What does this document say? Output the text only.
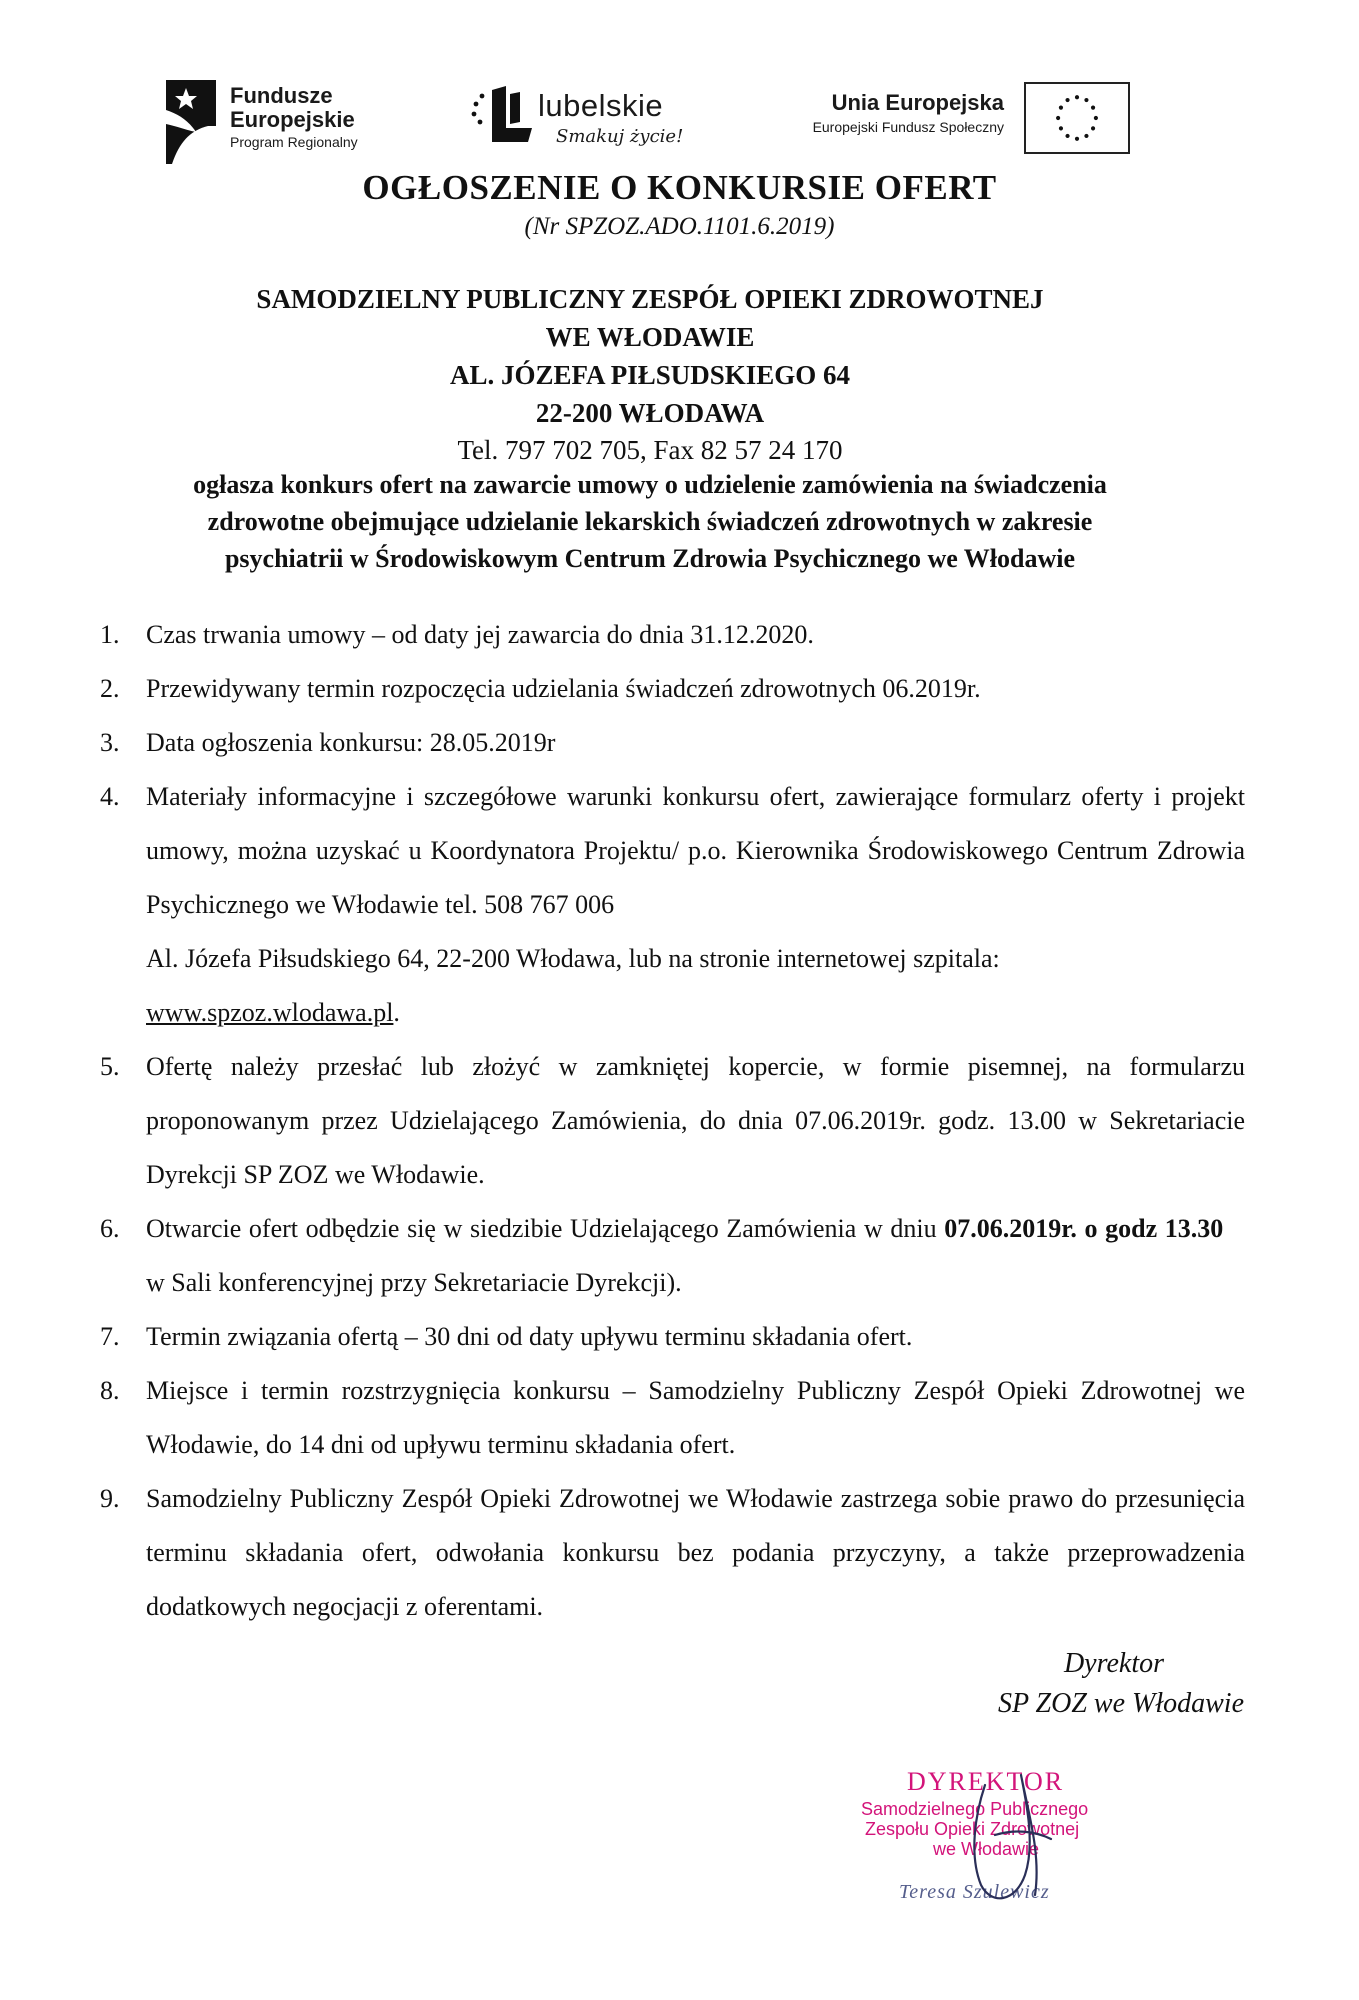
Fundusze
Europejskie
Program Regionalny
lubelskie
Smakuj życie!
Unia Europejska
Europejski Fundusz Społeczny
OGŁOSZENIE O KONKURSIE OFERT

(Nr SPZOZ.ADO.1101.6.2019)

SAMODZIELNY PUBLICZNY ZESPÓŁ OPIEKI ZDROWOTNEJ

WE WŁODAWIE

AL. JÓZEFA PIŁSUDSKIEGO 64

22-200 WŁODAWA

Tel. 797 702 705, Fax 82 57 24 170

ogłasza konkurs ofert na zawarcie umowy o udzielenie zamówienia na świadczenia
zdrowotne obejmujące udzielanie lekarskich świadczeń zdrowotnych w zakresie
psychiatrii w Środowiskowym Centrum Zdrowia Psychicznego we Włodawie

1. Czas trwania umowy – od daty jej zawarcia do dnia 31.12.2020.
2. Przewidywany termin rozpoczęcia udzielania świadczeń zdrowotnych 06.2019r.
3. Data ogłoszenia konkursu: 28.05.2019r
4. Materiały informacyjne i szczegółowe warunki konkursu ofert, zawierające formularz oferty i projekt umowy, można uzyskać u Koordynatora Projektu/ p.o. Kierownika Środowiskowego Centrum Zdrowia Psychicznego we Włodawie tel. 508 767 006
Al. Józefa Piłsudskiego 64, 22-200 Włodawa, lub na stronie internetowej szpitala:
www.spzoz.wlodawa.pl.
5. Ofertę należy przesłać lub złożyć w zamkniętej kopercie, w formie pisemnej, na formularzu proponowanym przez Udzielającego Zamówienia, do dnia 07.06.2019r. godz. 13.00 w Sekretariacie Dyrekcji SP ZOZ we Włodawie.
6. Otwarcie ofert odbędzie się w siedzibie Udzielającego Zamówienia w dniu 07.06.2019r. o godz 13.30    w Sali konferencyjnej przy Sekretariacie Dyrekcji).
7. Termin związania ofertą – 30 dni od daty upływu terminu składania ofert.
8. Miejsce i termin rozstrzygnięcia konkursu – Samodzielny Publiczny Zespół Opieki Zdrowotnej we Włodawie, do 14 dni od upływu terminu składania ofert.
9. Samodzielny Publiczny Zespół Opieki Zdrowotnej we Włodawie zastrzega sobie prawo do przesunięcia terminu składania ofert, odwołania konkursu bez podania przyczyny, a także przeprowadzenia dodatkowych negocjacji z oferentami.
Dyrektor
SP ZOZ we Włodawie
DYREKTOR
Samodzielnego Publicznego
Zespołu Opieki Zdrowotnej
we Włodawie
Teresa Szulewicz
